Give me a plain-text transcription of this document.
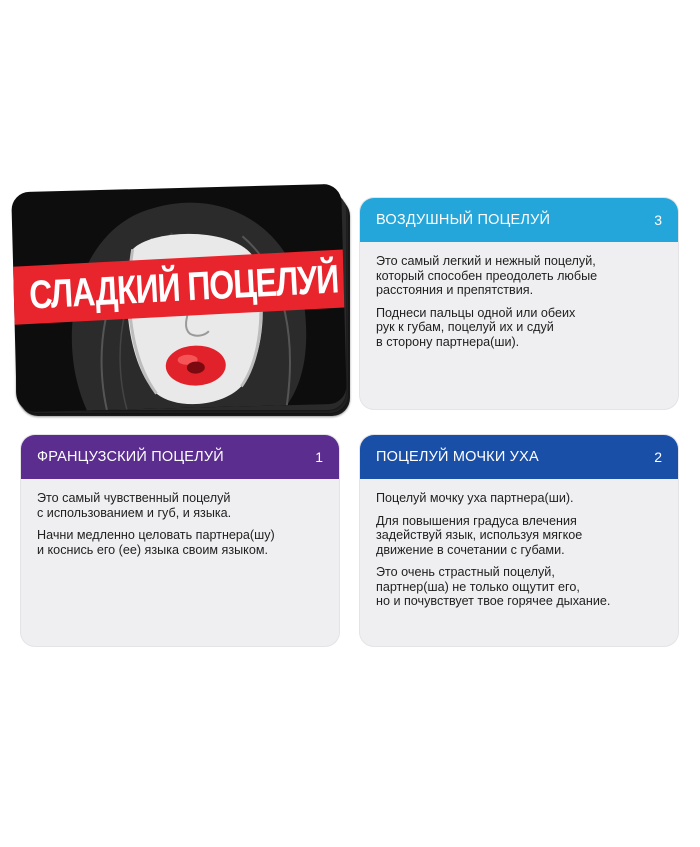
СЛАДКИЙ ПОЦЕЛУЙ
ВОЗДУШНЫЙ ПОЦЕЛУЙ	3

Это самый легкий и нежный поцелуй,
который способен преодолеть любые
расстояния и препятствия.

Поднеси пальцы одной или обеих
рук к губам, поцелуй их и сдуй
в сторону партнера(ши).

ФРАНЦУЗСКИЙ ПОЦЕЛУЙ	1

Это самый чувственный поцелуй
с использованием и губ, и языка.

Начни медленно целовать партнера(шу)
и коснись его (ее) языка своим языком.

ПОЦЕЛУЙ МОЧКИ УХА	2

Поцелуй мочку уха партнера(ши).

Для повышения градуса влечения
задействуй язык, используя мягкое
движение в сочетании с губами.

Это очень страстный поцелуй,
партнер(ша) не только ощутит его,
но и почувствует твое горячее дыхание.
